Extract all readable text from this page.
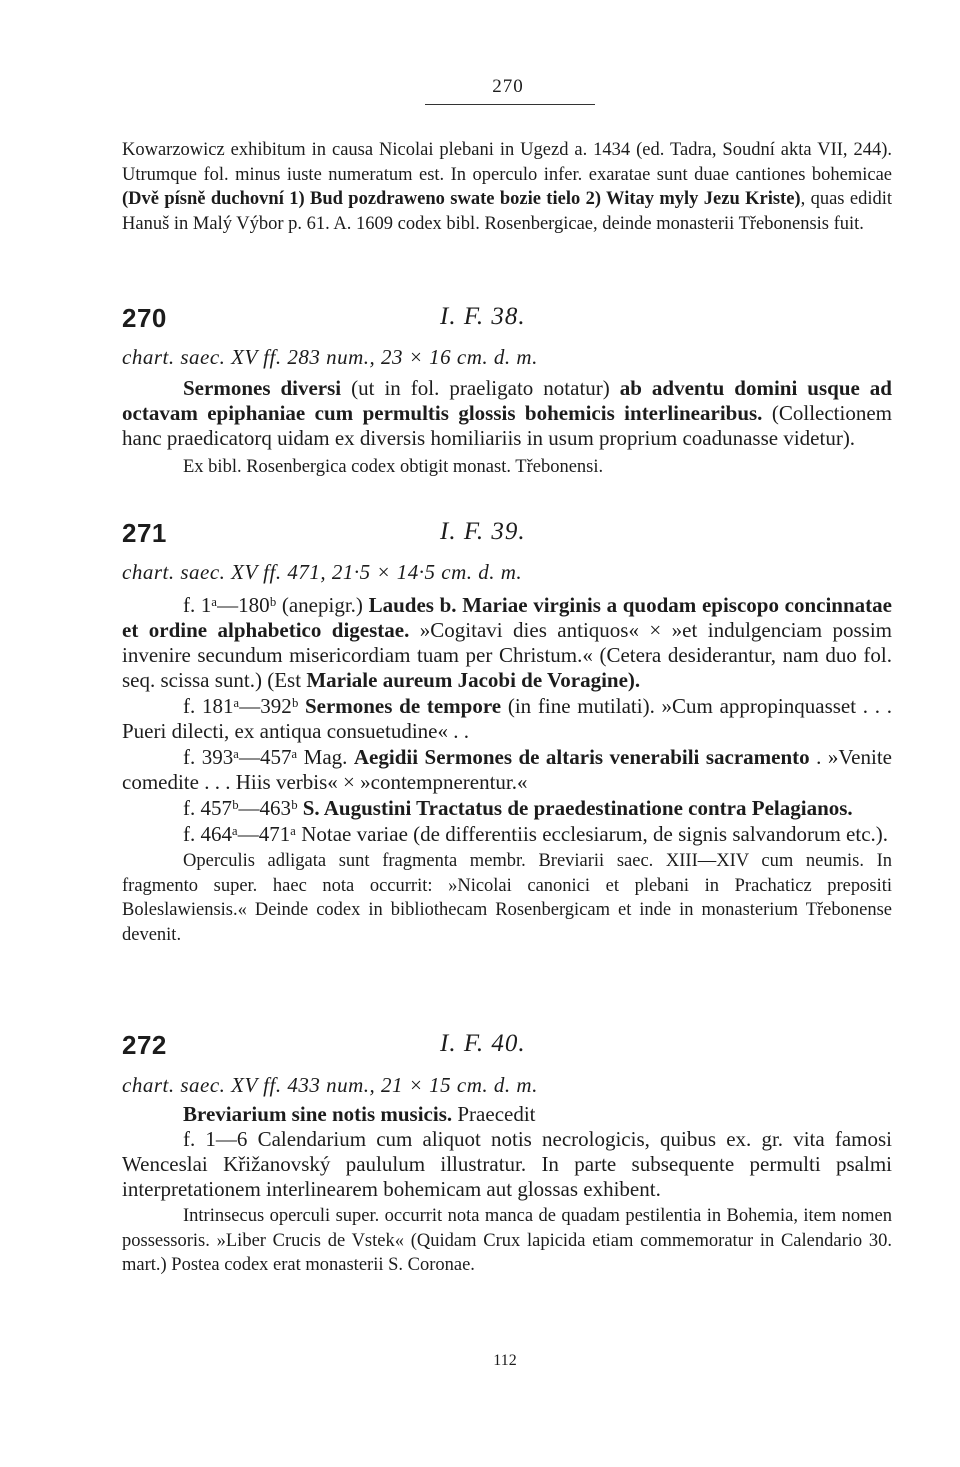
270

Kowarzowicz exhibitum in causa Nicolai plebani in Ugezd a. 1434 (ed. Tadra, Soudní akta VII, 244). Utrumque fol. minus iuste numeratum est. In operculo infer. exaratae sunt duae cantiones bohemicae (Dvě písně duchovní 1) Bud pozdraweno swate bozie tielo 2) Witay myly Jezu Kriste), quas edidit Hanuš in Malý Výbor p. 61. A. 1609 codex bibl. Rosenbergicae, deinde monasterii Třebonensis fuit.

270	I. F. 38.
chart. saec. XV ff. 283 num., 23 × 16 cm. d. m.

Sermones diversi (ut in fol. praeligato notatur) ab adventu domini usque ad octavam epiphaniae cum permultis glossis bohemicis interlinearibus. (Collectionem hanc praedicatorq uidam ex diversis homiliariis in usum proprium coadunasse videtur).

Ex bibl. Rosenbergica codex obtigit monast. Třebonensi.

271	I. F. 39.
chart. saec. XV ff. 471, 21·5 × 14·5 cm. d. m.

f. 1ᵃ—180ᵇ (anepigr.) Laudes b. Mariae virginis a quodam episcopo concinnatae et ordine alphabetico digestae. »Cogitavi dies antiquos« × »et indulgenciam possim invenire secundum misericordiam tuam per Christum.« (Cetera desiderantur, nam duo fol. seq. scissa sunt.) (Est Mariale aureum Jacobi de Voragine).

f. 181ᵃ—392ᵇ Sermones de tempore (in fine mutilati). »Cum appropinquasset . . . Pueri dilecti, ex antiqua consuetudine« . .

f. 393ᵃ—457ᵃ Mag. Aegidii Sermones de altaris venerabili sacramento . »Venite comedite . . . Hiis verbis« × »contempnerentur.«

f. 457ᵇ—463ᵇ S. Augustini Tractatus de praedestinatione contra Pelagianos.

f. 464ᵃ—471ᵃ Notae variae (de differentiis ecclesiarum, de signis salvandorum etc.).

Operculis adligata sunt fragmenta membr. Breviarii saec. XIII—XIV cum neumis. In fragmento super. haec nota occurrit: »Nicolai canonici et plebani in Prachaticz prepositi Boleslawiensis.« Deinde codex in bibliothecam Rosenbergicam et inde in monasterium Třebonense devenit.

272	I. F. 40.
chart. saec. XV ff. 433 num., 21 × 15 cm. d. m.

Breviarium sine notis musicis. Praecedit

f. 1—6 Calendarium cum aliquot notis necrologicis, quibus ex. gr. vita famosi Wenceslai Křižanovský paululum illustratur. In parte subsequente permulti psalmi interpretationem interlinearem bohemicam aut glossas exhibent.

Intrinsecus operculi super. occurrit nota manca de quadam pestilentia in Bohemia, item nomen possessoris. »Liber Crucis de Vstek« (Quidam Crux lapicida etiam commemoratur in Calendario 30. mart.) Postea codex erat monasterii S. Coronae.

112
